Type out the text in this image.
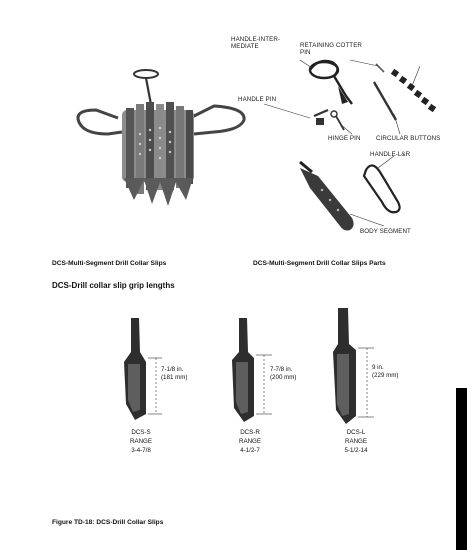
HANDLE-INTER-
MEDIATE	RETAINING COTTER
PIN
HANDLE PIN
HINGE PIN CIRCULAR BUTTONS
HANDLE-L&R
BODY SEGMENT
DCS-Multi-Segment Drill Collar Slips	DCS-Multi-Segment Drill Collar Slips Parts
DCS-Drill collar slip grip lengths
7-1/8 in.
(181 mm)
7-7/8 in.
(200 mm)
9 in.
(229 mm)
DCS-S
RANGE
3-4-7/8
DCS-R
RANGE
4-1/2-7
DCS-L
RANGE
5-1/2-14
Figure TD-18: DCS-Drill Collar Slips
